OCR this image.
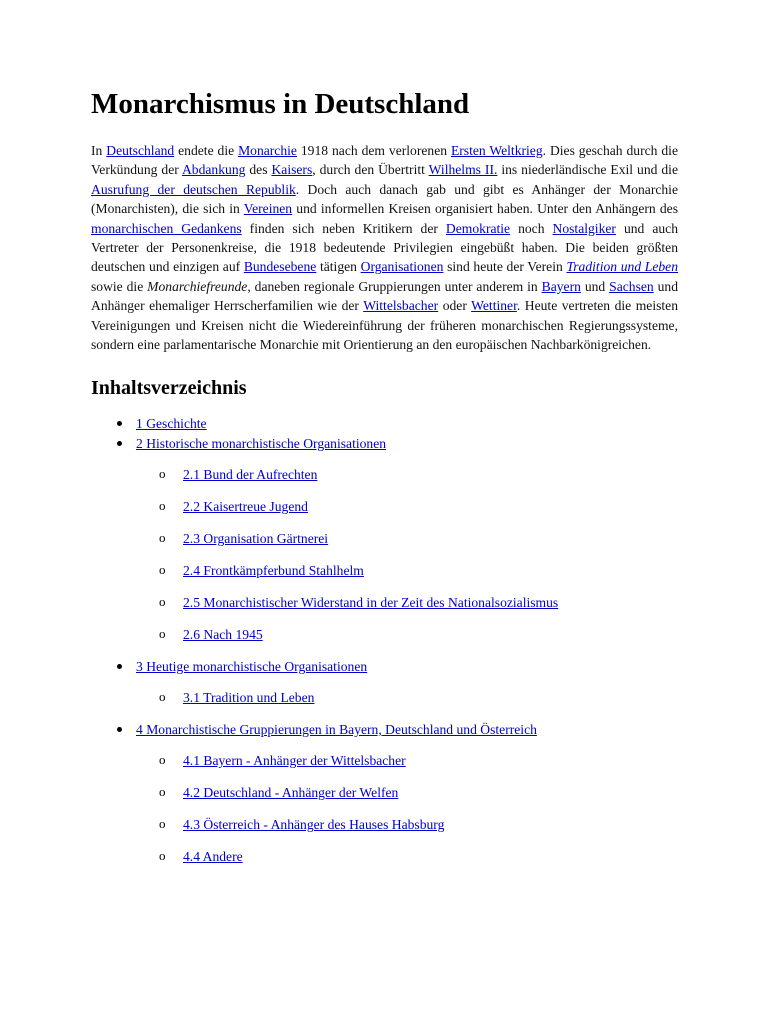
Monarchismus in Deutschland

In Deutschland endete die Monarchie 1918 nach dem verlorenen Ersten Weltkrieg. Dies geschah durch die Verkündung der Abdankung des Kaisers, durch den Übertritt Wilhelms II. ins niederländische Exil und die Ausrufung der deutschen Republik. Doch auch danach gab und gibt es Anhänger der Monarchie (Monarchisten), die sich in Vereinen und informellen Kreisen organisiert haben. Unter den Anhängern des monarchischen Gedankens finden sich neben Kritikern der Demokratie noch Nostalgiker und auch Vertreter der Personenkreise, die 1918 bedeutende Privilegien eingebüßt haben. Die beiden größten deutschen und einzigen auf Bundesebene tätigen Organisationen sind heute der Verein Tradition und Leben sowie die Monarchiefreunde, daneben regionale Gruppierungen unter anderem in Bayern und Sachsen und Anhänger ehemaliger Herrscherfamilien wie der Wittelsbacher oder Wettiner. Heute vertreten die meisten Vereinigungen und Kreisen nicht die Wiedereinführung der früheren monarchischen Regierungssysteme, sondern eine parlamentarische Monarchie mit Orientierung an den europäischen Nachbarkönigreichen.

Inhaltsverzeichnis
1 Geschichte
2 Historische monarchistische Organisationen
o 2.1 Bund der Aufrechten
o 2.2 Kaisertreue Jugend
o 2.3 Organisation Gärtnerei
o 2.4 Frontkämpferbund Stahlhelm
o 2.5 Monarchistischer Widerstand in der Zeit des Nationalsozialismus
o 2.6 Nach 1945
3 Heutige monarchistische Organisationen
o 3.1 Tradition und Leben
4 Monarchistische Gruppierungen in Bayern, Deutschland und Österreich
o 4.1 Bayern - Anhänger der Wittelsbacher
o 4.2 Deutschland - Anhänger der Welfen
o 4.3 Österreich - Anhänger des Hauses Habsburg
o 4.4 Andere
